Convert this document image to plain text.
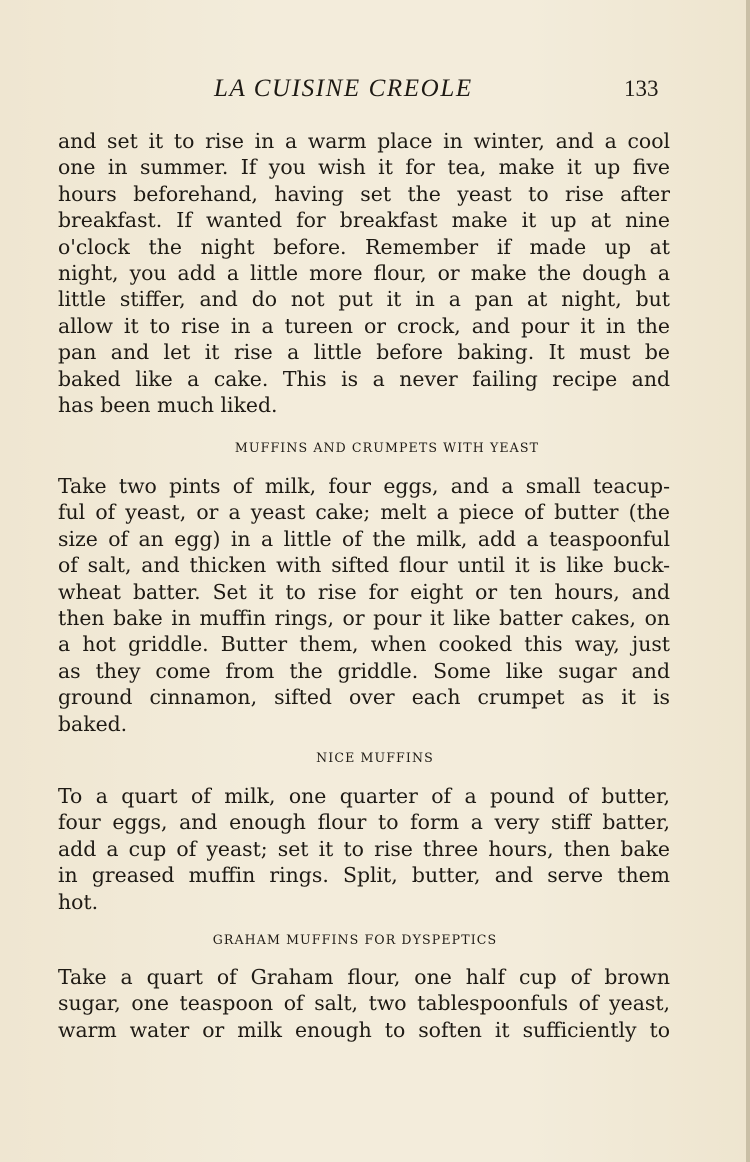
LA CUISINE CREOLE	133
and set it to rise in a warm place in winter, and a cool
one in summer. If you wish it for tea, make it up five
hours beforehand, having set the yeast to rise after
breakfast. If wanted for breakfast make it up at nine
o'clock the night before. Remember if made up at
night, you add a little more flour, or make the dough a
little stiffer, and do not put it in a pan at night, but
allow it to rise in a tureen or crock, and pour it in the
pan and let it rise a little before baking. It must be
baked like a cake. This is a never failing recipe and
has been much liked.
MUFFINS AND CRUMPETS WITH YEAST
Take two pints of milk, four eggs, and a small teacup-
ful of yeast, or a yeast cake; melt a piece of butter (the
size of an egg) in a little of the milk, add a teaspoonful
of salt, and thicken with sifted flour until it is like buck-
wheat batter. Set it to rise for eight or ten hours, and
then bake in muffin rings, or pour it like batter cakes, on
a hot griddle. Butter them, when cooked this way, just
as they come from the griddle. Some like sugar and
ground cinnamon, sifted over each crumpet as it is
baked.
NICE MUFFINS
To a quart of milk, one quarter of a pound of butter,
four eggs, and enough flour to form a very stiff batter,
add a cup of yeast; set it to rise three hours, then bake
in greased muffin rings. Split, butter, and serve them
hot.
GRAHAM MUFFINS FOR DYSPEPTICS
Take a quart of Graham flour, one half cup of brown
sugar, one teaspoon of salt, two tablespoonfuls of yeast,
warm water or milk enough to soften it sufficiently to
